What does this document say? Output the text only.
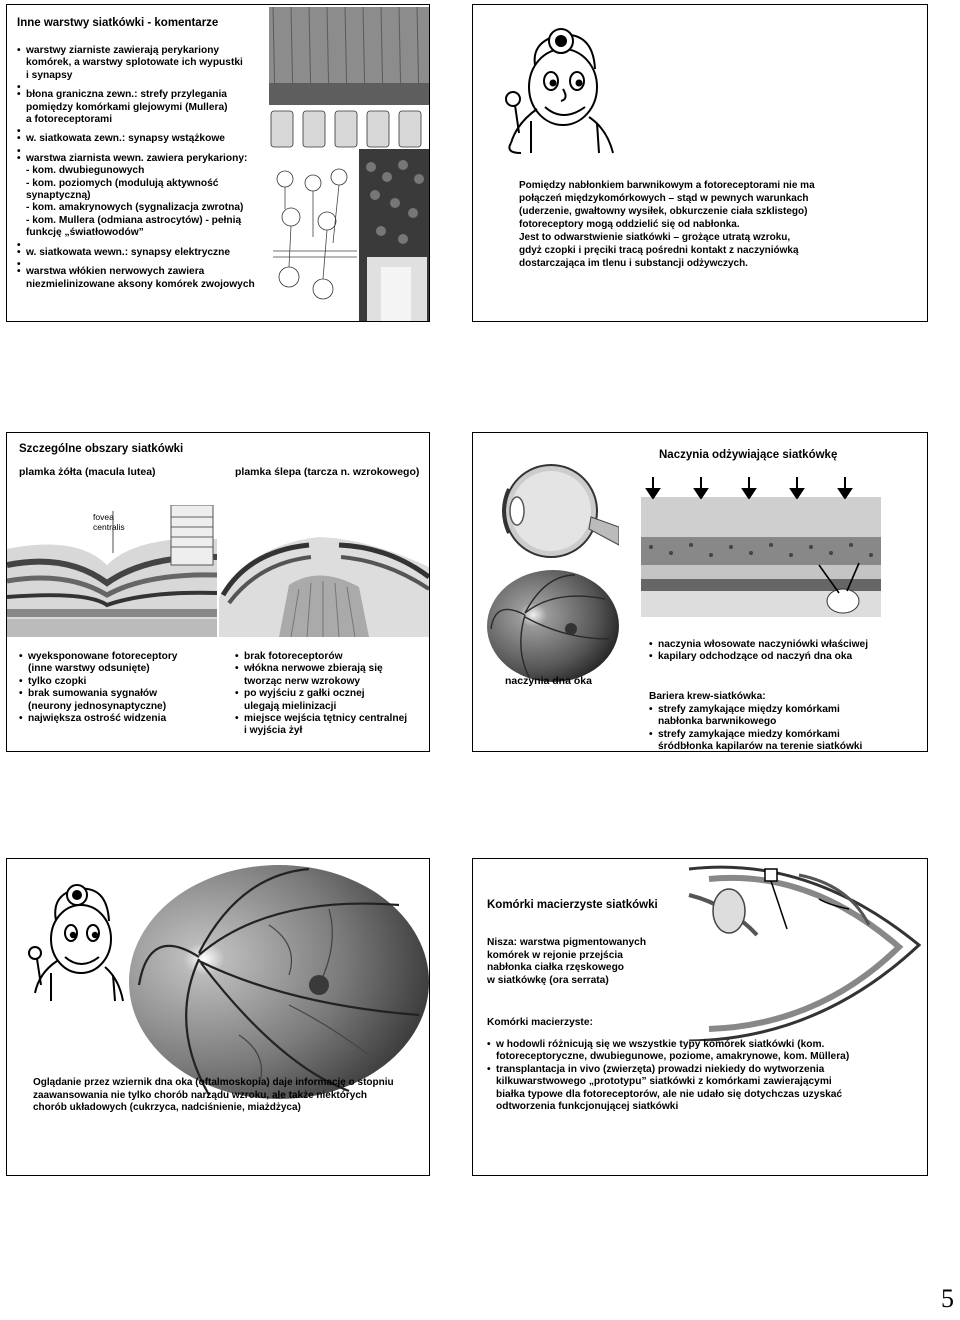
Inne warstwy siatkówki - komentarze
• warstwy ziarniste zawierają perykariony
komórek, a warstwy splotowate ich wypustki
i synapsy
•
• błona graniczna zewn.: strefy przylegania
pomiędzy komórkami glejowymi (Mullera)
a fotoreceptorami
•
• w. siatkowata zewn.: synapsy wstążkowe
•
• warstwa ziarnista wewn. zawiera perykariony:
- kom. dwubiegunowych
- kom. poziomych (modulują aktywność
synaptyczną)
- kom. amakrynowych (sygnalizacja zwrotna)
- kom. Mullera (odmiana astrocytów) - pełnią
funkcję „światłowodów”
•
• w. siatkowata wewn.: synapsy elektryczne
•
• warstwa włókien nerwowych zawiera
niezmielinizowane aksony komórek zwojowych
Pomiędzy nabłonkiem barwnikowym a fotoreceptorami nie ma
połączeń międzykomórkowych – stąd w pewnych warunkach
(uderzenie, gwałtowny wysiłek, obkurczenie ciała szklistego)
fotoreceptory mogą oddzielić się od nabłonka.
Jest to odwarstwienie siatkówki – grożące utratą wzroku,
gdyż czopki i pręciki tracą pośredni kontakt z naczyniówką
dostarczająca im tlenu i substancji odżywczych.
Szczególne obszary siatkówki
plamka żółta (macula lutea)	plamka ślepa (tarcza n. wzrokowego)
fovea
centralis
• wyeksponowane fotoreceptory
(inne warstwy odsunięte)
• tylko czopki
• brak sumowania sygnałów
(neurony jednosynaptyczne)
• największa ostrość widzenia
• brak fotoreceptorów
• włókna nerwowe zbierają się
tworząc nerw wzrokowy
• po wyjściu z gałki ocznej
ulegają mielinizacji
• miejsce wejścia tętnicy centralnej
i wyjścia żył
Naczynia odżywiające siatkówkę
naczynia dna oka
• naczynia włosowate naczyniówki właściwej
• kapilary odchodzące od naczyń dna oka
Bariera krew-siatkówka:
• strefy zamykające między komórkami
nabłonka barwnikowego
• strefy zamykające miedzy komórkami
śródbłonka kapilarów na terenie siatkówki
Oglądanie przez wziernik dna oka (oftalmoskopia) daje informację o stopniu
zaawansowania nie tylko chorób narządu wzroku, ale także niektórych
chorób układowych (cukrzyca, nadciśnienie, miażdżyca)
Komórki macierzyste siatkówki
Nisza: warstwa pigmentowanych
komórek w rejonie przejścia
nabłonka ciałka rzęskowego
w siatkówkę (ora serrata)
Komórki macierzyste:
• w hodowli różnicują się we wszystkie typy komórek siatkówki (kom.
fotoreceptoryczne, dwubiegunowe, poziome, amakrynowe, kom. Müllera)
• transplantacja in vivo (zwierzęta) prowadzi niekiedy do wytworzenia
kilkuwarstwowego „prototypu” siatkówki z komórkami zawierającymi
białka typowe dla fotoreceptorów, ale nie udało się dotychczas uzyskać
odtworzenia funkcjonującej siatkówki
5
